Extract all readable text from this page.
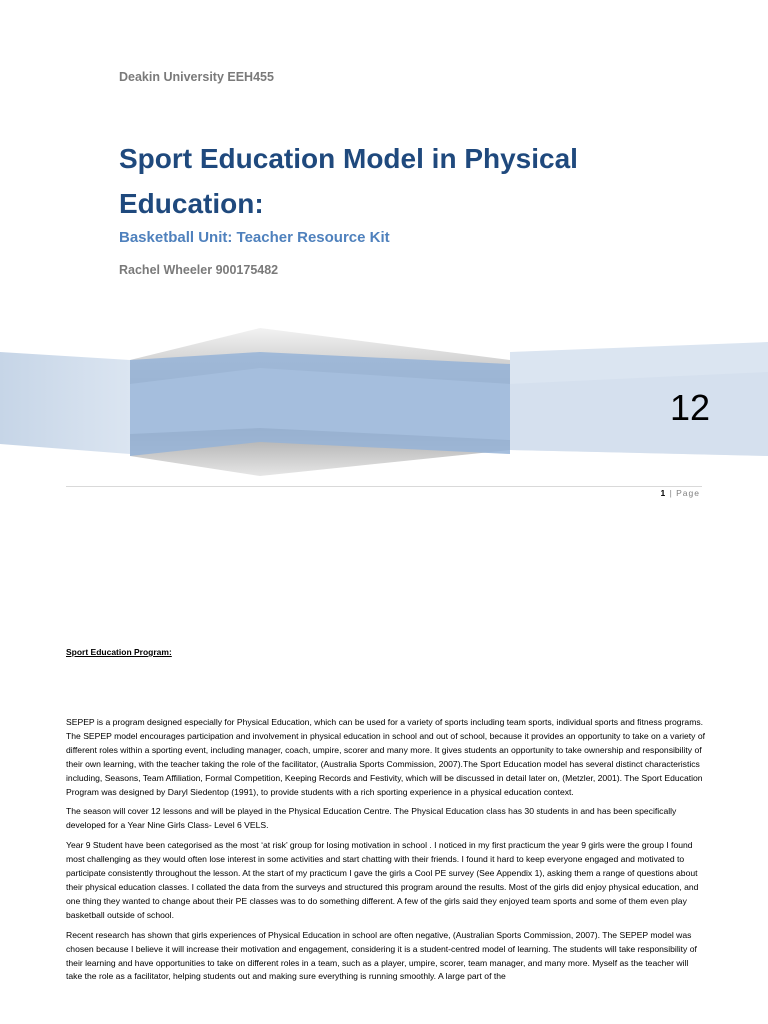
Deakin University EEH455
Sport Education Model in Physical Education:
Basketball Unit: Teacher Resource Kit
Rachel Wheeler 900175482
12
1 | Page
Sport Education Program:

SEPEP is a program designed especially for Physical Education, which can be used for a variety of sports including team sports, individual sports and fitness programs. The SEPEP model encourages participation and involvement in physical education in school and out of school, because it provides an opportunity to take on a variety of different roles within a sporting event, including manager, coach, umpire, scorer and many more. It gives students an opportunity to take ownership and responsibility of their own learning, with the teacher taking the role of the facilitator, (Australia Sports Commission, 2007).The Sport Education model has several distinct characteristics including, Seasons, Team Affiliation, Formal Competition, Keeping Records and Festivity, which will be discussed in detail later on, (Metzler, 2001). The Sport Education Program was designed by Daryl Siedentop (1991), to provide students with a rich sporting experience in a physical education context.

The season will cover 12 lessons and will be played in the Physical Education Centre. The Physical Education class has 30 students in and has been specifically developed for a Year Nine Girls Class- Level 6 VELS.

Year 9 Student have been categorised as the most ‘at risk’ group for losing motivation in school . I noticed in my first practicum the year 9 girls were the group I found most challenging as they would often lose interest in some activities and start chatting with their friends. I found it hard to keep everyone engaged and motivated to participate consistently throughout the lesson. At the start of my practicum I gave the girls a Cool PE survey (See Appendix 1), asking them a range of questions about their physical education classes. I collated the data from the surveys and structured this program around the results. Most of the girls did enjoy physical education, and one thing they wanted to change about their PE classes was to do something different. A few of the girls said they enjoyed team sports and some of them even play basketball outside of school.

Recent research has shown that girls experiences of Physical Education in school are often negative, (Australian Sports Commission, 2007). The SEPEP model was chosen because I believe it will increase their motivation and engagement, considering it is a student-centred model of learning. The students will take responsibility of their learning and have opportunities to take on different roles in a team, such as a player, umpire, scorer, team manager, and many more. Myself as the teacher will take the role as a facilitator, helping students out and making sure everything is running smoothly. A large part of the
